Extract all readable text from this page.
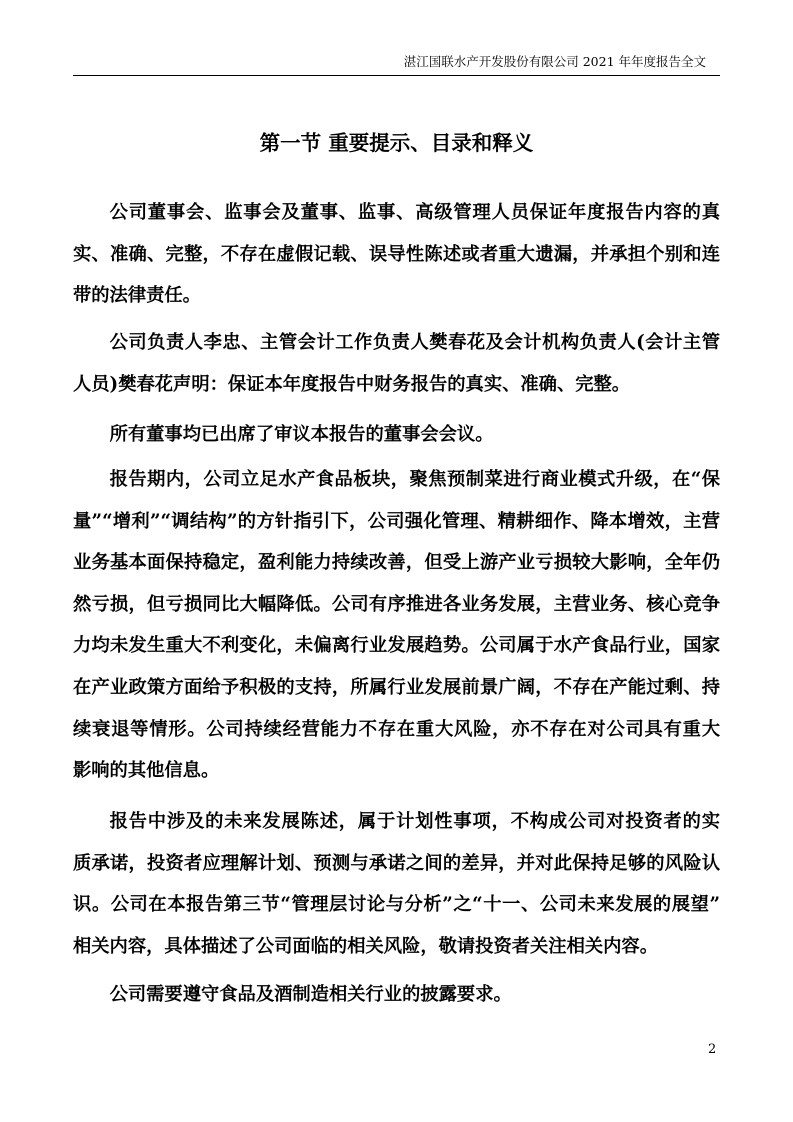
湛江国联水产开发股份有限公司 2021 年年度报告全文
第一节 重要提示、目录和释义
公司董事会、监事会及董事、监事、高级管理人员保证年度报告内容的真
实、准确、完整，不存在虚假记载、误导性陈述或者重大遗漏，并承担个别和连
带的法律责任。
公司负责人李忠、主管会计工作负责人樊春花及会计机构负责人(会计主管
人员)樊春花声明：保证本年度报告中财务报告的真实、准确、完整。
所有董事均已出席了审议本报告的董事会会议。
报告期内，公司立足水产食品板块，聚焦预制菜进行商业模式升级，在“保
量”“增利”“调结构”的方针指引下，公司强化管理、精耕细作、降本增效，主营
业务基本面保持稳定，盈利能力持续改善，但受上游产业亏损较大影响，全年仍
然亏损，但亏损同比大幅降低。公司有序推进各业务发展，主营业务、核心竞争
力均未发生重大不利变化，未偏离行业发展趋势。公司属于水产食品行业，国家
在产业政策方面给予积极的支持，所属行业发展前景广阔，不存在产能过剩、持
续衰退等情形。公司持续经营能力不存在重大风险，亦不存在对公司具有重大
影响的其他信息。
报告中涉及的未来发展陈述，属于计划性事项，不构成公司对投资者的实
质承诺，投资者应理解计划、预测与承诺之间的差异，并对此保持足够的风险认
识。公司在本报告第三节“管理层讨论与分析”之“十一、公司未来发展的展望”
相关内容，具体描述了公司面临的相关风险，敬请投资者关注相关内容。
公司需要遵守食品及酒制造相关行业的披露要求。
2
